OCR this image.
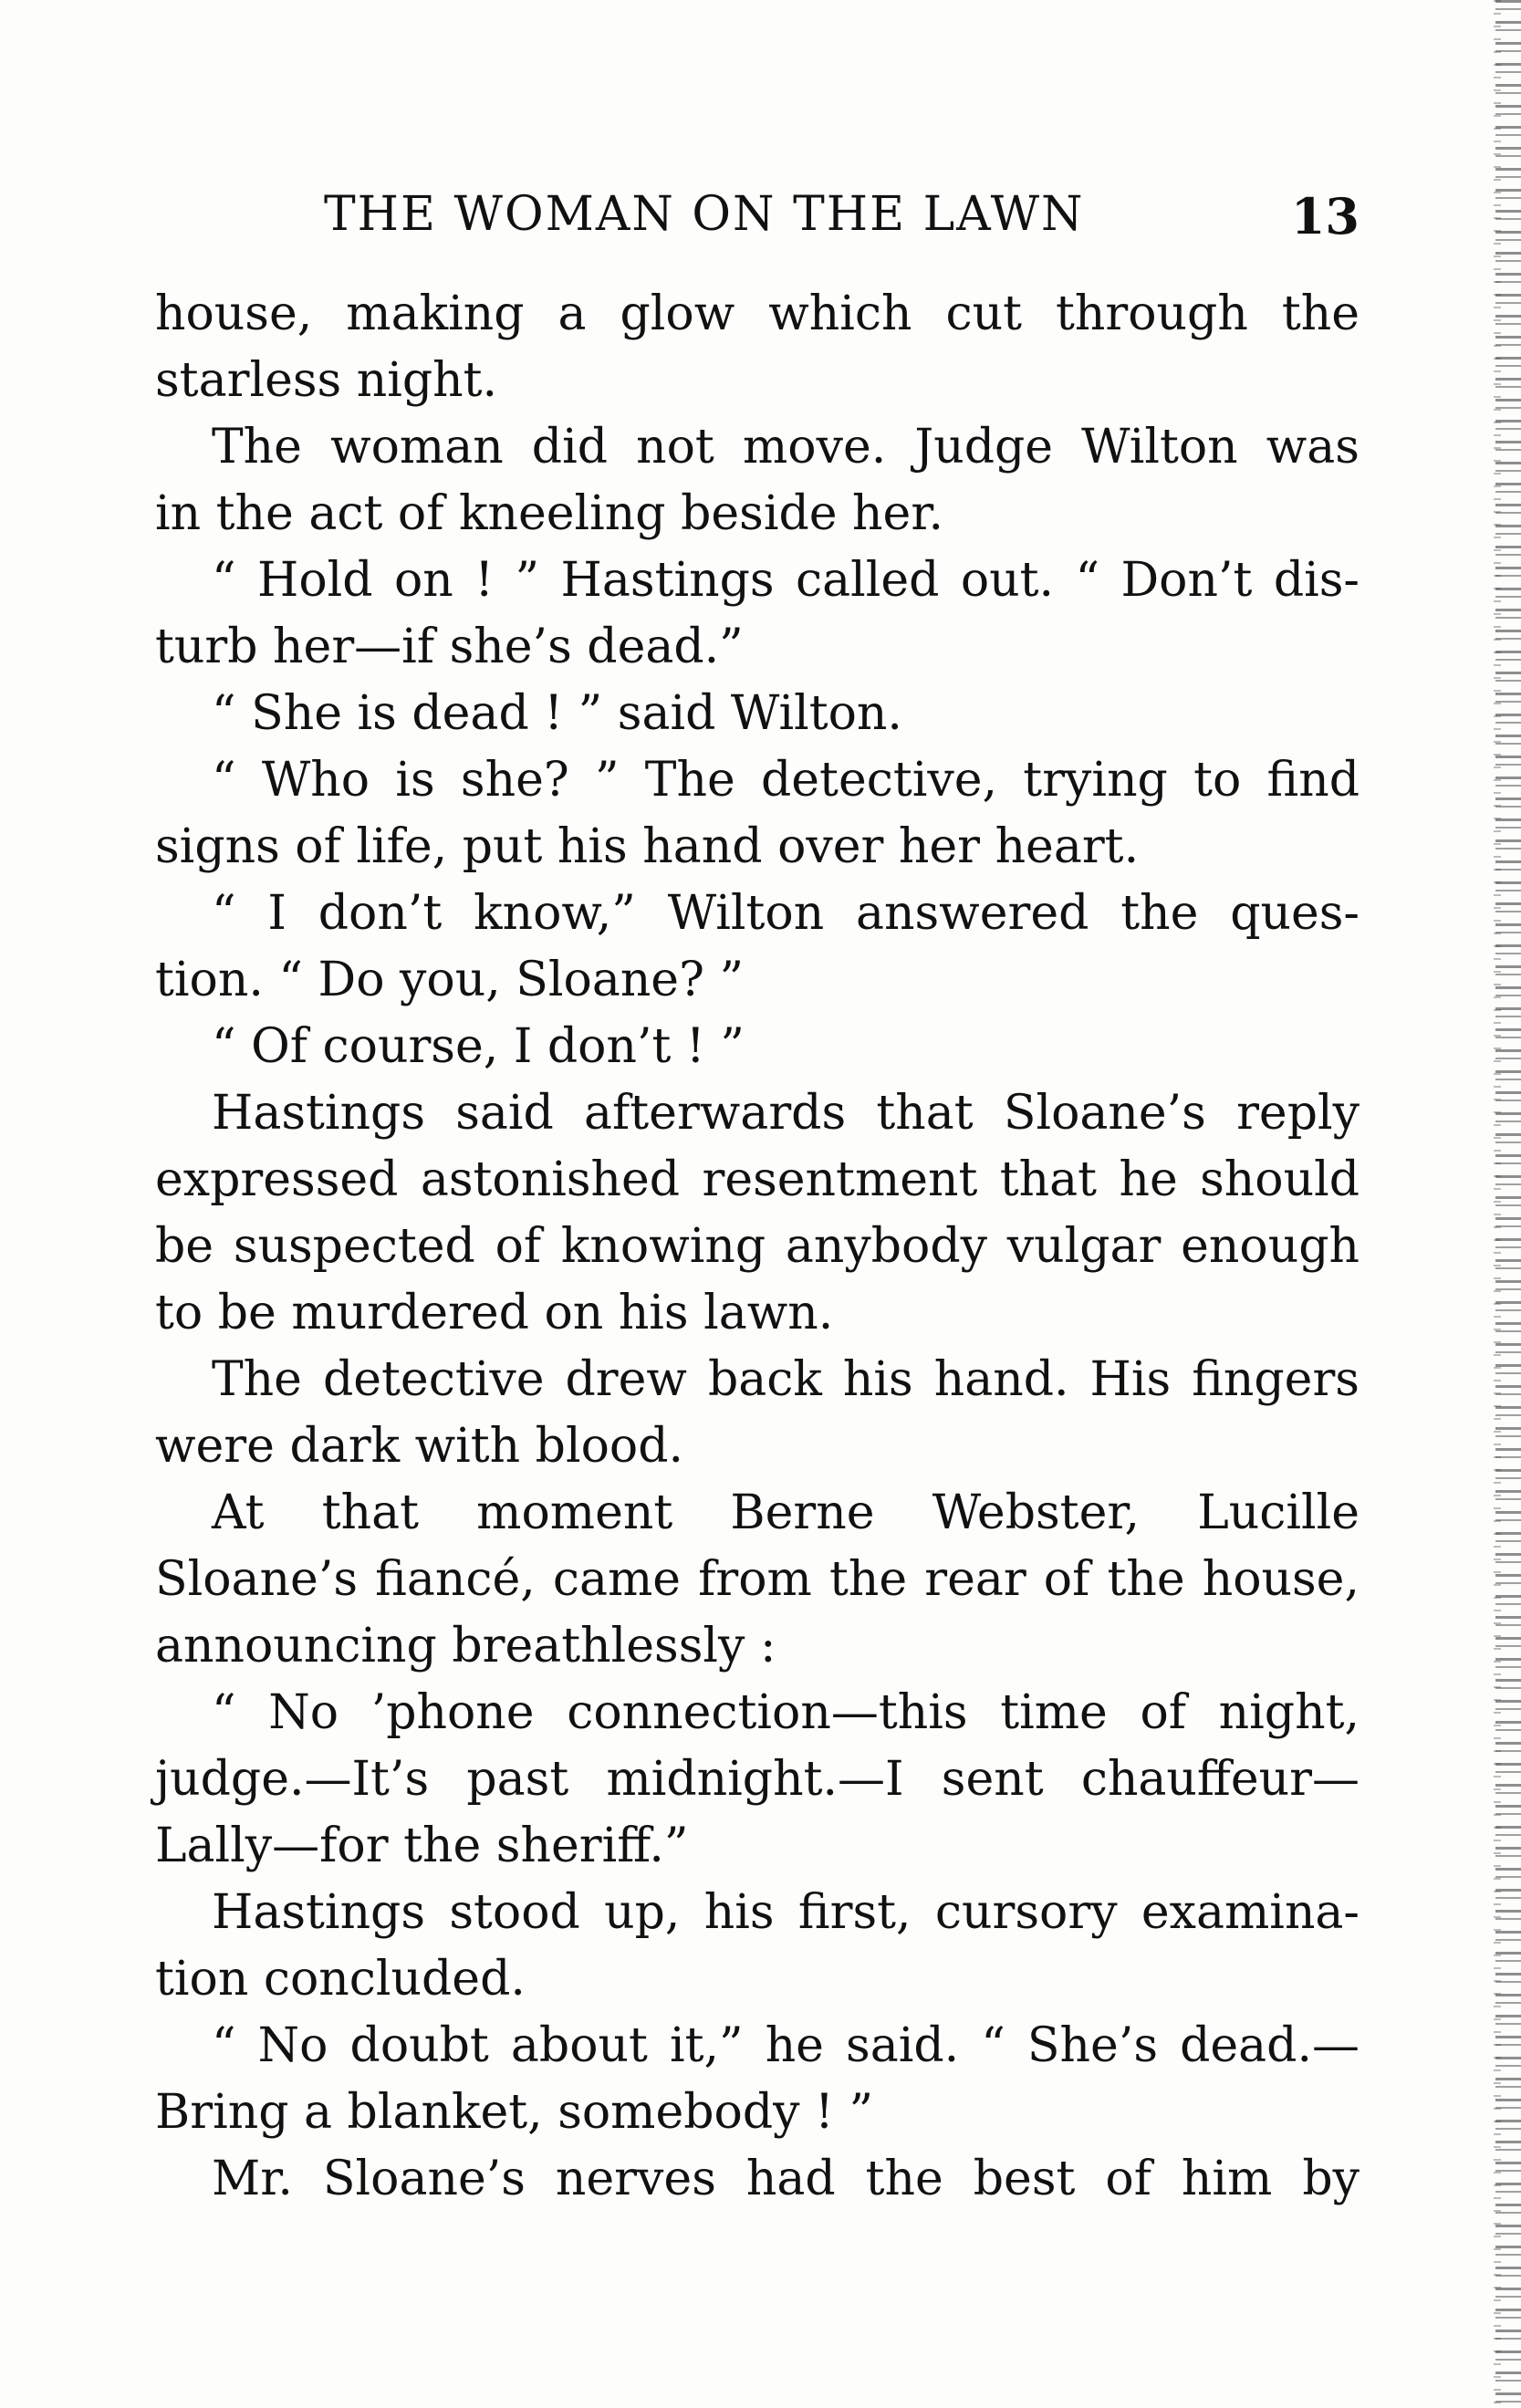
THE WOMAN ON THE LAWN	13
house, making a glow which cut through the
starless night.
The woman did not move. Judge Wilton was
in the act of kneeling beside her.
“ Hold on ! ” Hastings called out. “ Don’t dis-
turb her—if she’s dead.”
“ She is dead ! ” said Wilton.
“ Who is she? ” The detective, trying to find
signs of life, put his hand over her heart.
“ I don’t know,” Wilton answered the ques-
tion. “ Do you, Sloane? ”
“ Of course, I don’t ! ”
Hastings said afterwards that Sloane’s reply
expressed astonished resentment that he should
be suspected of knowing anybody vulgar enough
to be murdered on his lawn.
The detective drew back his hand. His fingers
were dark with blood.
At that moment Berne Webster, Lucille
Sloane’s fiancé, came from the rear of the house,
announcing breathlessly :
“ No ’phone connection—this time of night,
judge.—It’s past midnight.—I sent chauffeur—
Lally—for the sheriff.”
Hastings stood up, his first, cursory examina-
tion concluded.
“ No doubt about it,” he said. “ She’s dead.—
Bring a blanket, somebody ! ”
Mr. Sloane’s nerves had the best of him by
